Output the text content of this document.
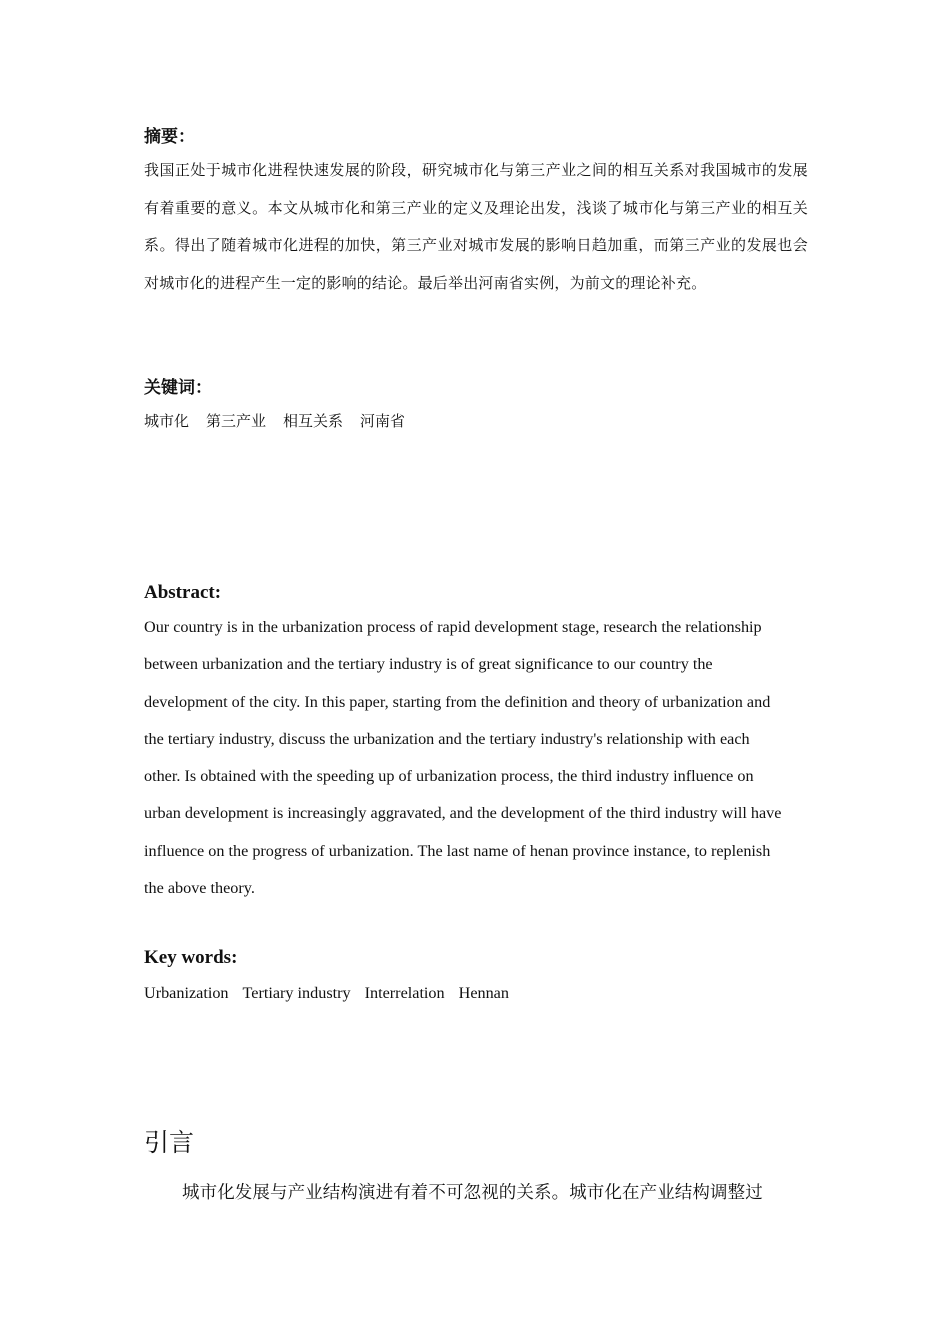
摘要：

我国正处于城市化进程快速发展的阶段，研究城市化与第三产业之间的相互关系对我国城市的发展有着重要的意义。本文从城市化和第三产业的定义及理论出发，浅谈了城市化与第三产业的相互关系。得出了随着城市化进程的加快，第三产业对城市发展的影响日趋加重，而第三产业的发展也会对城市化的进程产生一定的影响的结论。最后举出河南省实例，为前文的理论补充。

关键词：

城市化 第三产业 相互关系 河南省

Abstract:
Our country is in the urbanization process of rapid development stage, research the relationship
between urbanization and the tertiary industry is of great significance to our country the
development of the city. In this paper, starting from the definition and theory of urbanization and
the tertiary industry, discuss the urbanization and the tertiary industry's relationship with each
other. Is obtained with the speeding up of urbanization process, the third industry influence on
urban development is increasingly aggravated, and the development of the third industry will have
influence on the progress of urbanization. The last name of henan province instance, to replenish
the above theory.
Key words:

Urbanization Tertiary industry Interrelation Hennan

引言

城市化发展与产业结构演进有着不可忽视的关系。城市化在产业结构调整过
